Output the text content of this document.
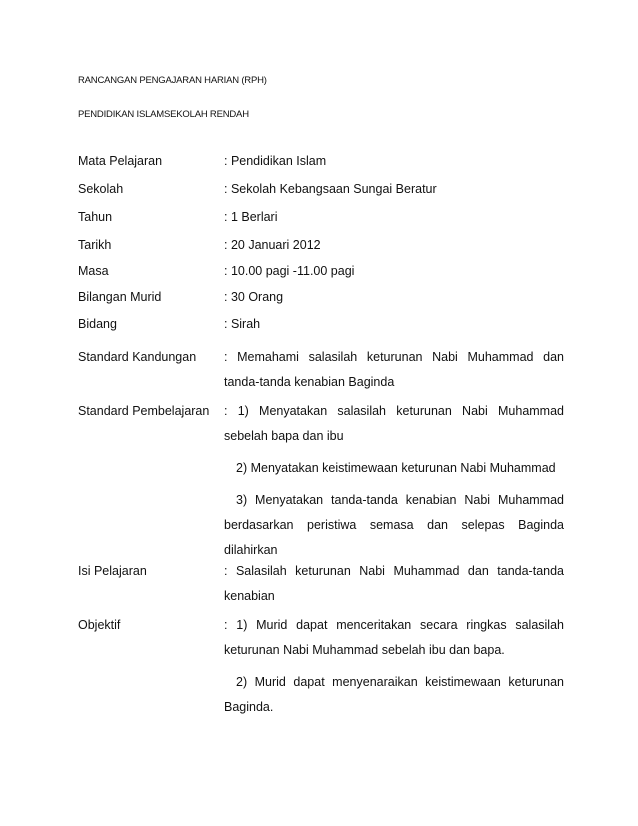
RANCANGAN PENGAJARAN HARIAN (RPH)
PENDIDIKAN ISLAMSEKOLAH RENDAH
Mata Pelajaran	: Pendidikan Islam
Sekolah	: Sekolah Kebangsaan Sungai Beratur
Tahun	: 1 Berlari
Tarikh	: 20 Januari 2012
Masa	: 10.00 pagi -11.00 pagi
Bilangan Murid	: 30 Orang
Bidang	: Sirah
Standard Kandungan : Memahami salasilah keturunan Nabi Muhammad dan

tanda-tanda kenabian Baginda

Standard Pembelajaran : 1) Menyatakan salasilah keturunan Nabi Muhammad

sebelah bapa dan ibu

2) Menyatakan keistimewaan keturunan Nabi Muhammad

3) Menyatakan tanda-tanda kenabian Nabi Muhammad

berdasarkan peristiwa semasa dan selepas Baginda

dilahirkan

Isi Pelajaran	: Salasilah keturunan Nabi Muhammad dan tanda-tanda

kenabian

Objektif	: 1) Murid dapat menceritakan secara ringkas salasilah

keturunan Nabi Muhammad sebelah ibu dan bapa.

2) Murid dapat menyenaraikan keistimewaan keturunan

Baginda.
